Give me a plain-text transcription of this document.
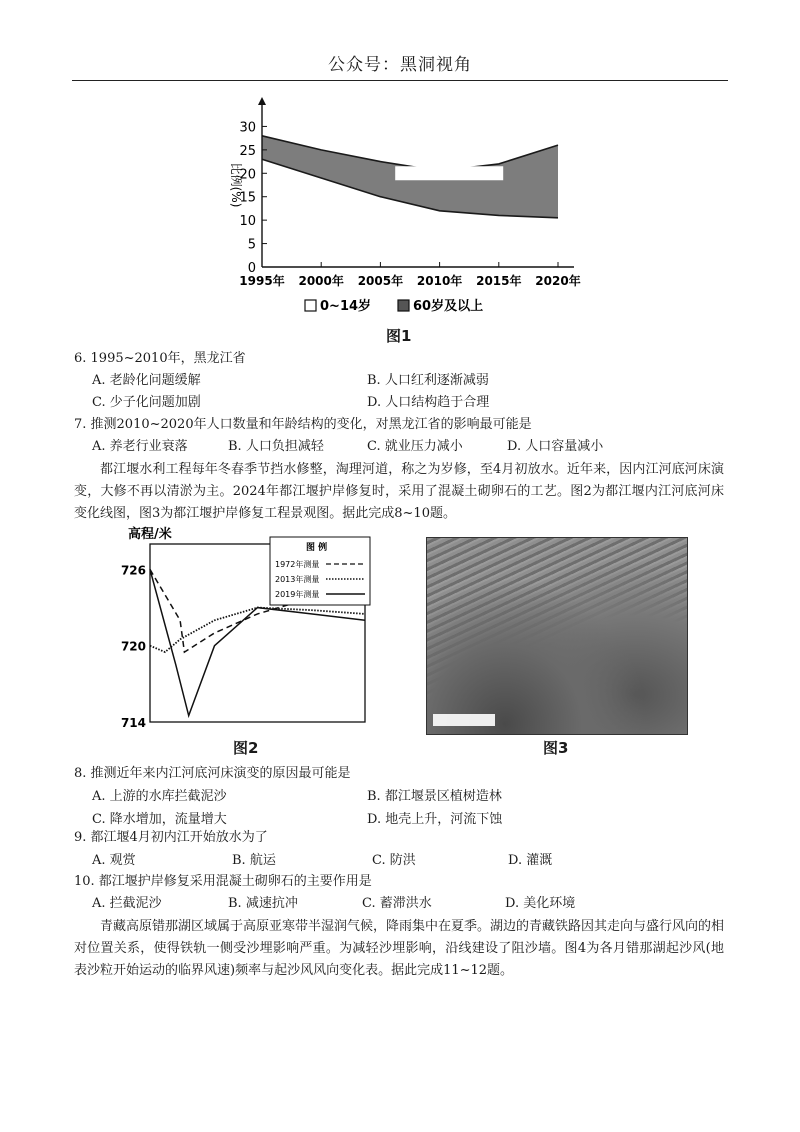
公众号：黑洞视角
0
5
10
15
20
25
30
1995年 2000年 2005年 2010年 2015年 2020年
比例(%)
0~14岁	60岁及以上
图1
6. 1995~2010年，黑龙江省
A. 老龄化问题缓解	B. 人口红利逐渐减弱
C. 少子化问题加剧	D. 人口结构趋于合理
7. 推测2010~2020年人口数量和年龄结构的变化，对黑龙江省的影响最可能是
A. 养老行业衰落	B. 人口负担减轻	C. 就业压力减小	D. 人口容量减小
都江堰水利工程每年冬春季节挡水修整，淘理河道，称之为岁修，至4月初放水。近年来，因内江河底河床演变，大修不再以清淤为主。2024年都江堰护岸修复时，采用了混凝土砌卵石的工艺。图2为都江堰内江河底河床变化线图，图3为都江堰护岸修复工程景观图。据此完成8~10题。
高程/米
714
720
726
图 例
1972年测量
2013年测量
2019年测量
图2	图3
8. 推测近年来内江河底河床演变的原因最可能是
A. 上游的水库拦截泥沙	B. 都江堰景区植树造林
C. 降水增加，流量增大	D. 地壳上升，河流下蚀
9. 都江堰4月初内江开始放水为了
A. 观赏	B. 航运	C. 防洪	D. 灌溉
10. 都江堰护岸修复采用混凝土砌卵石的主要作用是
A. 拦截泥沙	B. 减速抗冲	C. 蓄滞洪水	D. 美化环境
青藏高原错那湖区域属于高原亚寒带半湿润气候，降雨集中在夏季。湖边的青藏铁路因其走向与盛行风向的相对位置关系，使得铁轨一侧受沙埋影响严重。为减轻沙埋影响，沿线建设了阻沙墙。图4为各月错那湖起沙风(地表沙粒开始运动的临界风速)频率与起沙风风向变化表。据此完成11~12题。
